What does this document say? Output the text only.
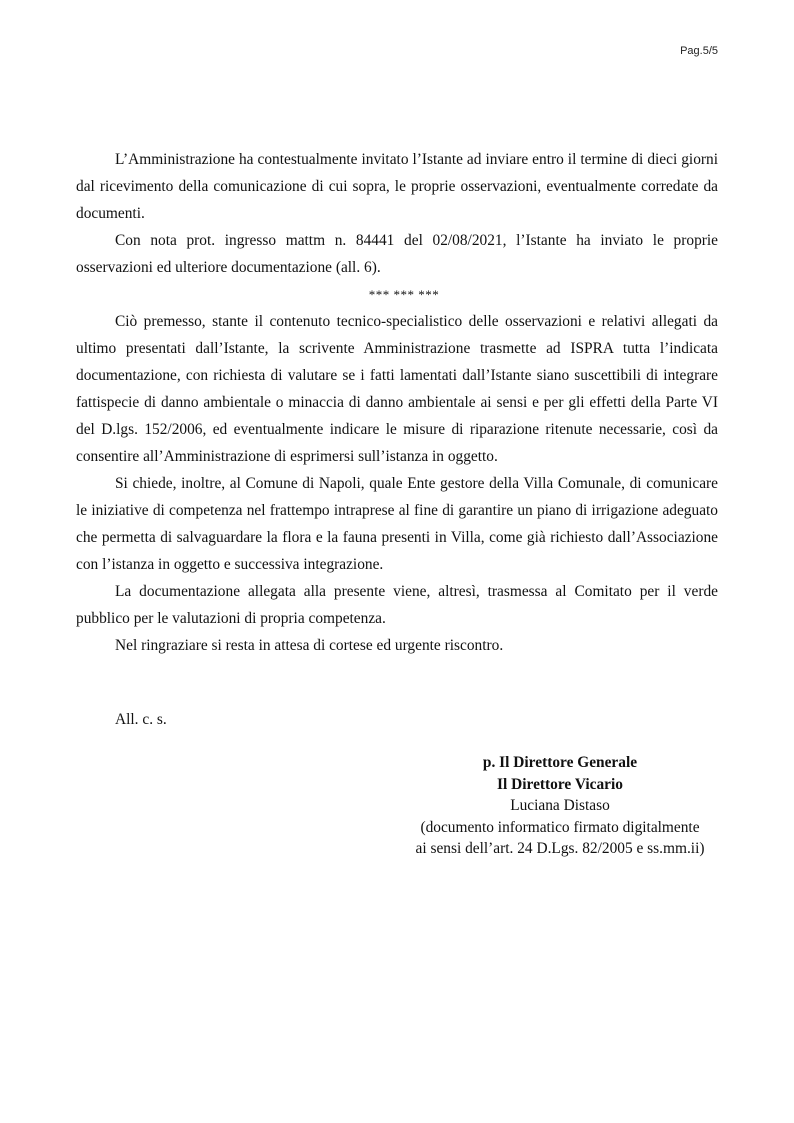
Pag.5/5

L’Amministrazione ha contestualmente invitato l’Istante ad inviare entro il termine di dieci giorni dal ricevimento della comunicazione di cui sopra, le proprie osservazioni, eventualmente corredate da documenti.

Con nota prot. ingresso mattm n. 84441 del 02/08/2021, l’Istante ha inviato le proprie osservazioni ed ulteriore documentazione (all. 6).

*** *** ***

Ciò premesso, stante il contenuto tecnico-specialistico delle osservazioni e relativi allegati da ultimo presentati dall’Istante, la scrivente Amministrazione trasmette ad ISPRA tutta l’indicata documentazione, con richiesta di valutare se i fatti lamentati dall’Istante siano suscettibili di integrare fattispecie di danno ambientale o minaccia di danno ambientale ai sensi e per gli effetti della Parte VI del D.lgs. 152/2006, ed eventualmente indicare le misure di riparazione ritenute necessarie, così da consentire all’Amministrazione di esprimersi sull’istanza in oggetto.

Si chiede, inoltre, al Comune di Napoli, quale Ente gestore della Villa Comunale, di comunicare le iniziative di competenza nel frattempo intraprese al fine di garantire un piano di irrigazione adeguato che permetta di salvaguardare la flora e la fauna presenti in Villa, come già richiesto dall’Associazione con l’istanza in oggetto e successiva integrazione.

La documentazione allegata alla presente viene, altresì, trasmessa al Comitato per il verde pubblico per le valutazioni di propria competenza.

Nel ringraziare si resta in attesa di cortese ed urgente riscontro.

All. c. s.

p. Il Direttore Generale
Il Direttore Vicario
Luciana Distaso
(documento informatico firmato digitalmente
ai sensi dell’art. 24 D.Lgs. 82/2005 e ss.mm.ii)
